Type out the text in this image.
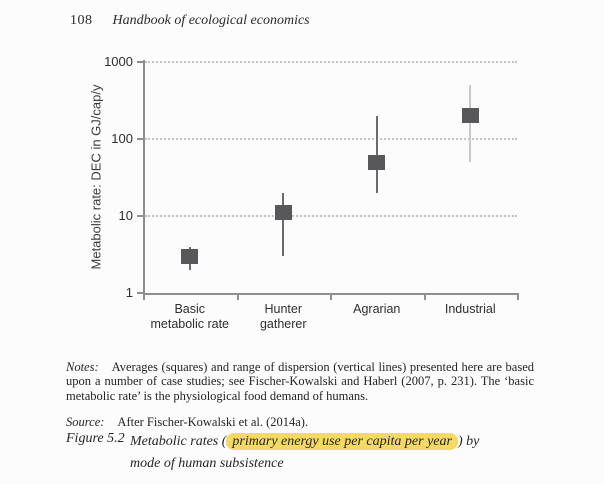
108 Handbook of ecological economics
Metabolic rate: DEC in GJ/cap/y
1000
100
10
1
Basic
metabolic rate
Hunter
gatherer
Agrarian	Industrial

Notes: Averages (squares) and range of dispersion (vertical lines) presented here are based upon a number of case studies; see Fischer-Kowalski and Haberl (2007, p. 231). The ‘basic metabolic rate’ is the physiological food demand of humans.

Source: After Fischer-Kowalski et al. (2014a).

Figure 5.2 Metabolic rates ( primary energy use per capita per year ) by
mode of human subsistence
